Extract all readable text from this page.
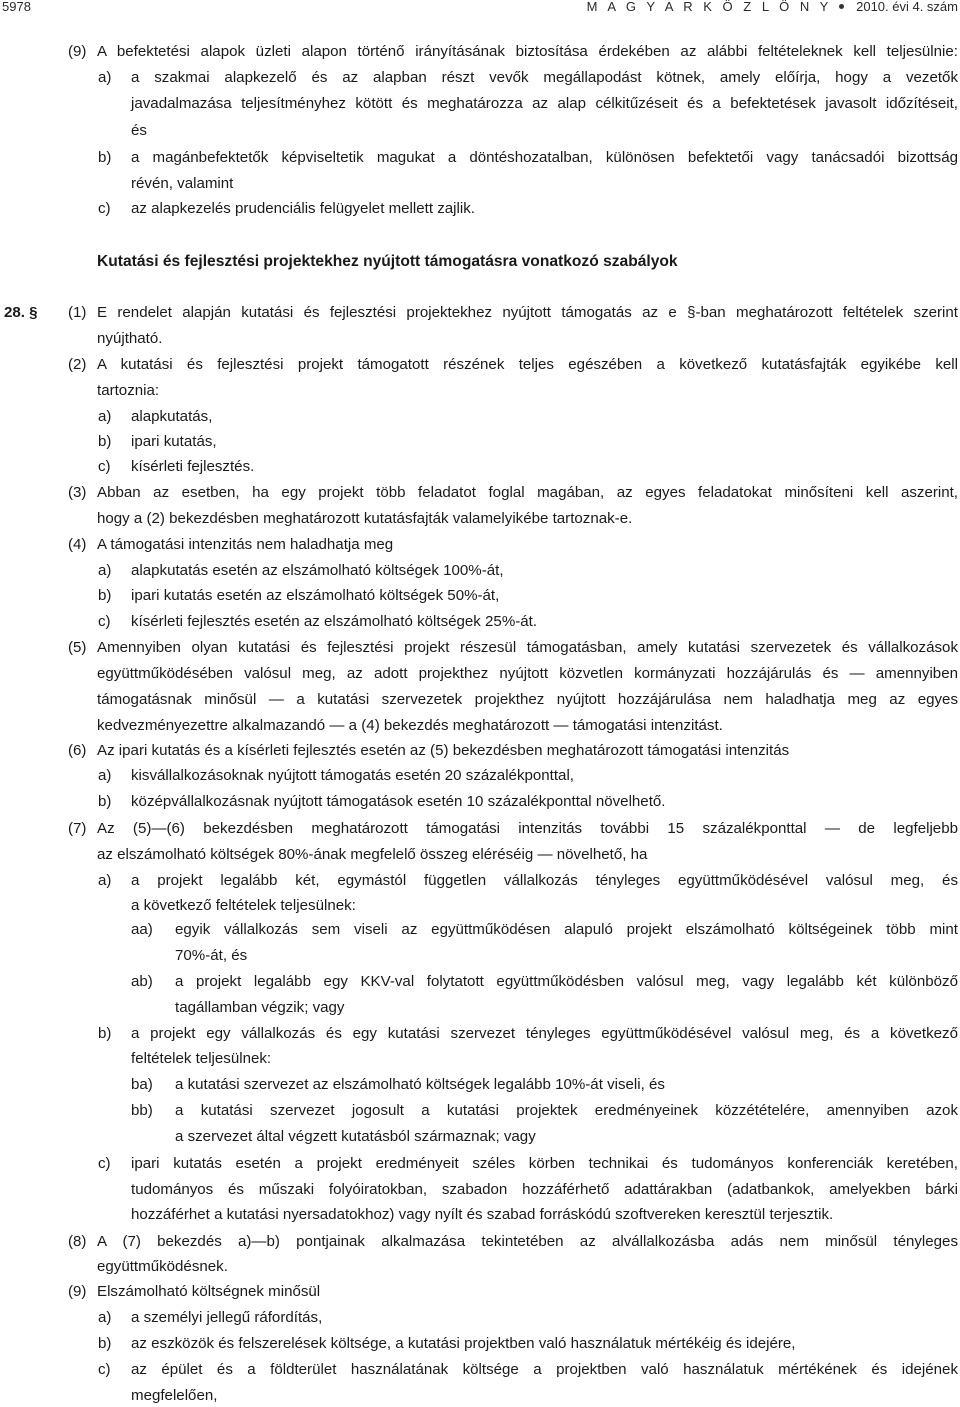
5978	M A G Y A R K Ö Z L Ö N Y 2010. évi 4. szám
(9) A befektetési alapok üzleti alapon történő irányításának biztosítása érdekében az alábbi feltételeknek kell teljesülnie:
a) a szakmai alapkezelő és az alapban részt vevők megállapodást kötnek, amely előírja, hogy a vezetők
javadalmazása teljesítményhez kötött és meghatározza az alap célkitűzéseit és a befektetések javasolt időzítéseit,
és
b) a magánbefektetők képviseltetik magukat a döntéshozatalban, különösen befektetői vagy tanácsadói bizottság
révén, valamint
c) az alapkezelés prudenciális felügyelet mellett zajlik.
Kutatási és fejlesztési projektekhez nyújtott támogatásra vonatkozó szabályok
28. § (1) E rendelet alapján kutatási és fejlesztési projektekhez nyújtott támogatás az e §-ban meghatározott feltételek szerint
nyújtható.
(2) A kutatási és fejlesztési projekt támogatott részének teljes egészében a következő kutatásfajták egyikébe kell
tartoznia:
a) alapkutatás,
b) ipari kutatás,
c) kísérleti fejlesztés.
(3) Abban az esetben, ha egy projekt több feladatot foglal magában, az egyes feladatokat minősíteni kell aszerint,
hogy a (2) bekezdésben meghatározott kutatásfajták valamelyikébe tartoznak-e.
(4) A támogatási intenzitás nem haladhatja meg
a) alapkutatás esetén az elszámolható költségek 100%-át,
b) ipari kutatás esetén az elszámolható költségek 50%-át,
c) kísérleti fejlesztés esetén az elszámolható költségek 25%-át.
(5) Amennyiben olyan kutatási és fejlesztési projekt részesül támogatásban, amely kutatási szervezetek és vállalkozások
együttműködésében valósul meg, az adott projekthez nyújtott közvetlen kormányzati hozzájárulás és — amennyiben
támogatásnak minősül — a kutatási szervezetek projekthez nyújtott hozzájárulása nem haladhatja meg az egyes
kedvezményezettre alkalmazandó — a (4) bekezdés meghatározott — támogatási intenzitást.
(6) Az ipari kutatás és a kísérleti fejlesztés esetén az (5) bekezdésben meghatározott támogatási intenzitás
a) kisvállalkozásoknak nyújtott támogatás esetén 20 százalékponttal,
b) középvállalkozásnak nyújtott támogatások esetén 10 százalékponttal növelhető.
(7) Az (5)—(6) bekezdésben meghatározott támogatási intenzitás további 15 százalékponttal — de legfeljebb
az elszámolható költségek 80%-ának megfelelő összeg eléréséig — növelhető, ha
a) a projekt legalább két, egymástól független vállalkozás tényleges együttműködésével valósul meg, és
a következő feltételek teljesülnek:
aa) egyik vállalkozás sem viseli az együttműködésen alapuló projekt elszámolható költségeinek több mint
70%-át, és
ab) a projekt legalább egy KKV-val folytatott együttműködésben valósul meg, vagy legalább két különböző
tagállamban végzik; vagy
b) a projekt egy vállalkozás és egy kutatási szervezet tényleges együttműködésével valósul meg, és a következő
feltételek teljesülnek:
ba) a kutatási szervezet az elszámolható költségek legalább 10%-át viseli, és
bb) a kutatási szervezet jogosult a kutatási projektek eredményeinek közzétételére, amennyiben azok
a szervezet által végzett kutatásból származnak; vagy
c) ipari kutatás esetén a projekt eredményeit széles körben technikai és tudományos konferenciák keretében,
tudományos és műszaki folyóiratokban, szabadon hozzáférhető adattárakban (adatbankok, amelyekben bárki
hozzáférhet a kutatási nyersadatokhoz) vagy nyílt és szabad forráskódú szoftvereken keresztül terjesztik.
(8) A (7) bekezdés a)—b) pontjainak alkalmazása tekintetében az alvállalkozásba adás nem minősül tényleges
együttműködésnek.
(9) Elszámolható költségnek minősül
a) a személyi jellegű ráfordítás,
b) az eszközök és felszerelések költsége, a kutatási projektben való használatuk mértékéig és idejére,
c) az épület és a földterület használatának költsége a projektben való használatuk mértékének és idejének
megfelelően,
